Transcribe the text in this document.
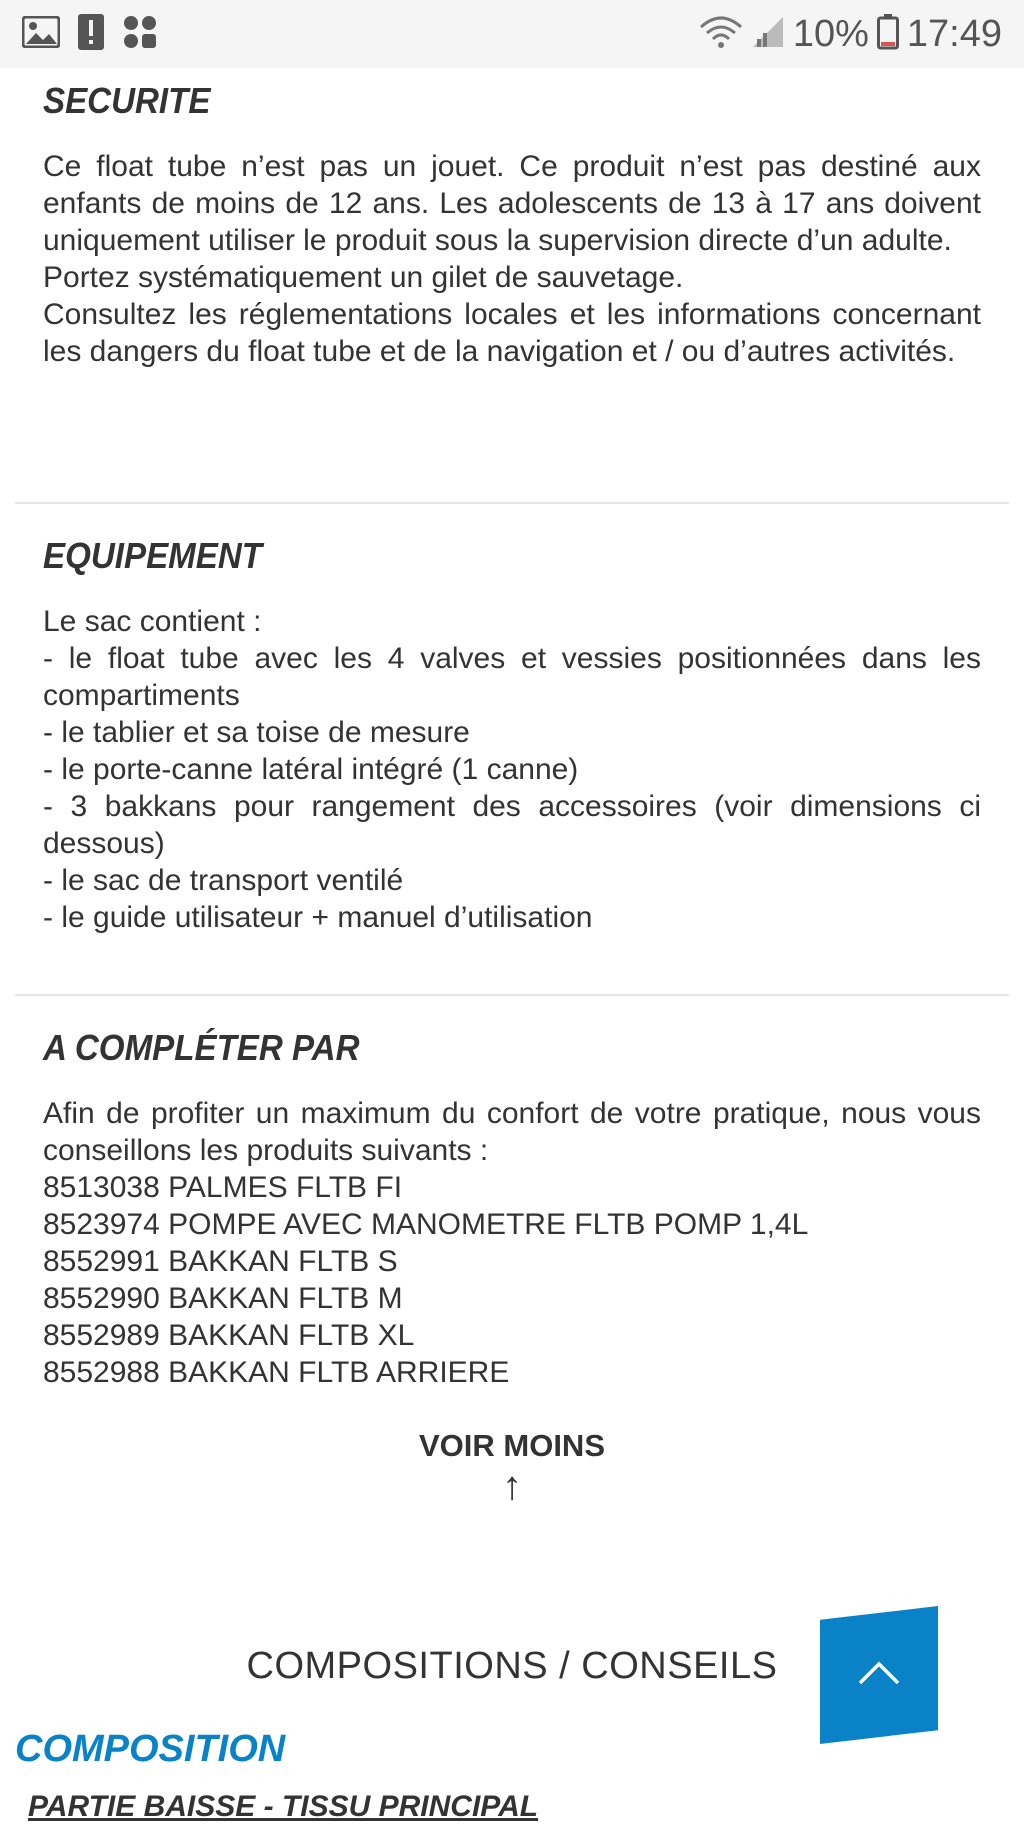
10% 17:49
SECURITE
Ce float tube n’est pas un jouet. Ce produit n’est pas destiné aux enfants de moins de 12 ans. Les adolescents de 13 à 17 ans doivent uniquement utiliser le produit sous la supervision directe d’un adulte.
Portez systématiquement un gilet de sauvetage.
Consultez les réglementations locales et les informations concernant les dangers du float tube et de la navigation et / ou d’autres activités.
EQUIPEMENT
Le sac contient :
- le float tube avec les 4 valves et vessies positionnées dans les compartiments
- le tablier et sa toise de mesure
- le porte-canne latéral intégré (1 canne)
- 3 bakkans pour rangement des accessoires (voir dimensions ci dessous)
- le sac de transport ventilé
- le guide utilisateur + manuel d’utilisation
A COMPLÉTER PAR
Afin de profiter un maximum du confort de votre pratique, nous vous conseillons les produits suivants :
8513038 PALMES FLTB FI
8523974 POMPE AVEC MANOMETRE FLTB POMP 1,4L
8552991 BAKKAN FLTB S
8552990 BAKKAN FLTB M
8552989 BAKKAN FLTB XL
8552988 BAKKAN FLTB ARRIERE
VOIR MOINS
↑
COMPOSITIONS / CONSEILS
COMPOSITION
PARTIE BAISSE - TISSU PRINCIPAL
